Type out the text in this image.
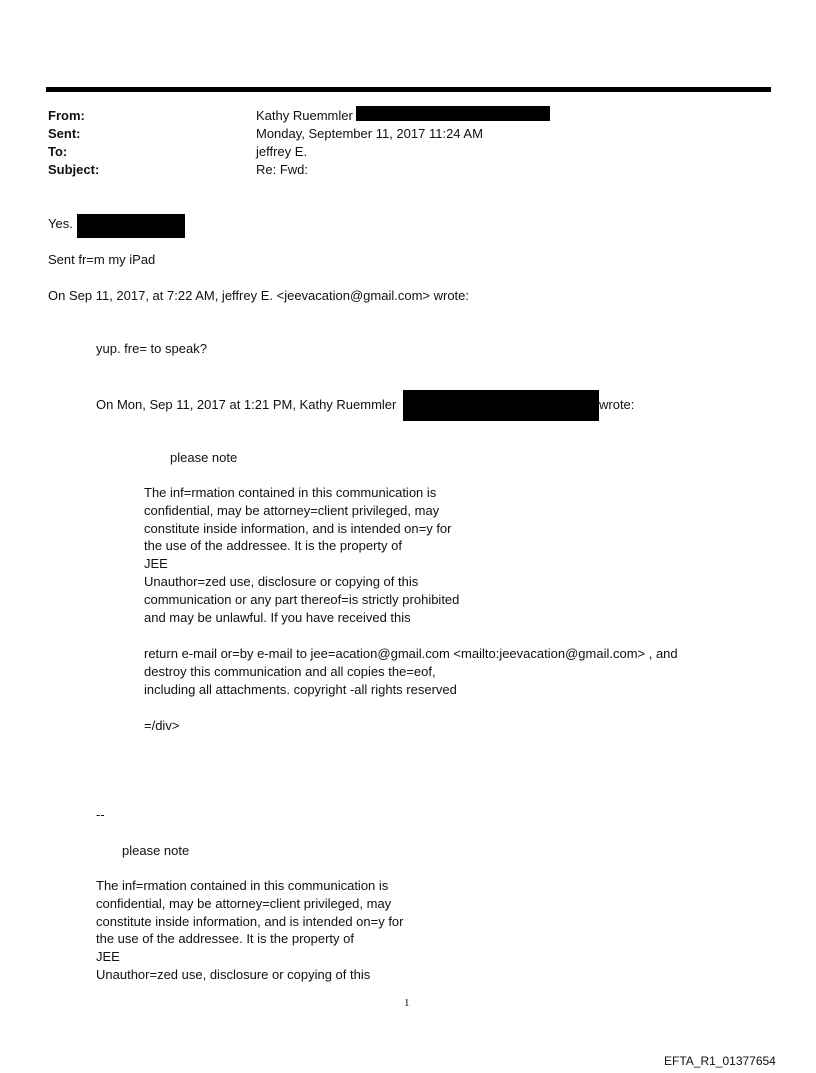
From:	Kathy Ruemmler
Sent:	Monday, September 11, 2017 11:24 AM
To:	jeffrey E.
Subject:	Re: Fwd:
Yes.
Sent fr=m my iPad
On Sep 11, 2017, at 7:22 AM, jeffrey E. <jeevacation@gmail.com> wrote:
yup. fre= to speak?
On Mon, Sep 11, 2017 at 1:21 PM, Kathy Ruemmler	wrote:
please note
The inf=rmation contained in this communication is
confidential, may be attorney=client privileged, may
constitute inside information, and is intended on=y for
the use of the addressee. It is the property of
JEE
Unauthor=zed use, disclosure or copying of this
communication or any part thereof=is strictly prohibited
and may be unlawful. If you have received this
return e-mail or=by e-mail to jee=acation@gmail.com <mailto:jeevacation@gmail.com> , and
destroy this communication and all copies the=eof,
including all attachments. copyright -all rights reserved
=/div>
--
please note
The inf=rmation contained in this communication is
confidential, may be attorney=client privileged, may
constitute inside information, and is intended on=y for
the use of the addressee. It is the property of
JEE
Unauthor=zed use, disclosure or copying of this
1
EFTA_R1_01377654
